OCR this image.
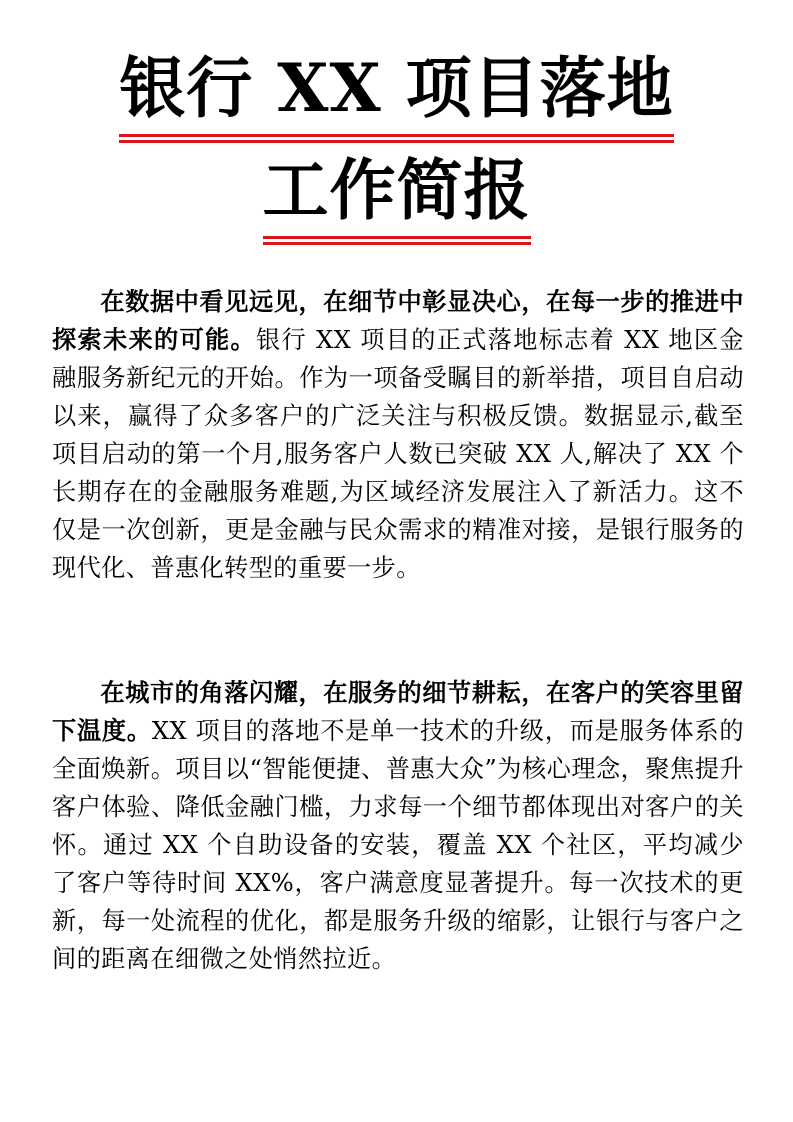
银行 XX 项目落地
工作简报

在数据中看见远见，在细节中彰显决心，在每一步的推进中探索未来的可能。银行 XX 项目的正式落地标志着 XX 地区金融服务新纪元的开始。作为一项备受瞩目的新举措，项目自启动以来，赢得了众多客户的广泛关注与积极反馈。数据显示,截至项目启动的第一个月,服务客户人数已突破 XX 人,解决了 XX 个长期存在的金融服务难题,为区域经济发展注入了新活力。这不仅是一次创新，更是金融与民众需求的精准对接，是银行服务的现代化、普惠化转型的重要一步。

在城市的角落闪耀，在服务的细节耕耘，在客户的笑容里留下温度。XX 项目的落地不是单一技术的升级，而是服务体系的全面焕新。项目以“智能便捷、普惠大众”为核心理念，聚焦提升客户体验、降低金融门槛，力求每一个细节都体现出对客户的关怀。通过 XX 个自助设备的安装，覆盖 XX 个社区，平均减少了客户等待时间 XX%，客户满意度显著提升。每一次技术的更新，每一处流程的优化，都是服务升级的缩影，让银行与客户之间的距离在细微之处悄然拉近。
